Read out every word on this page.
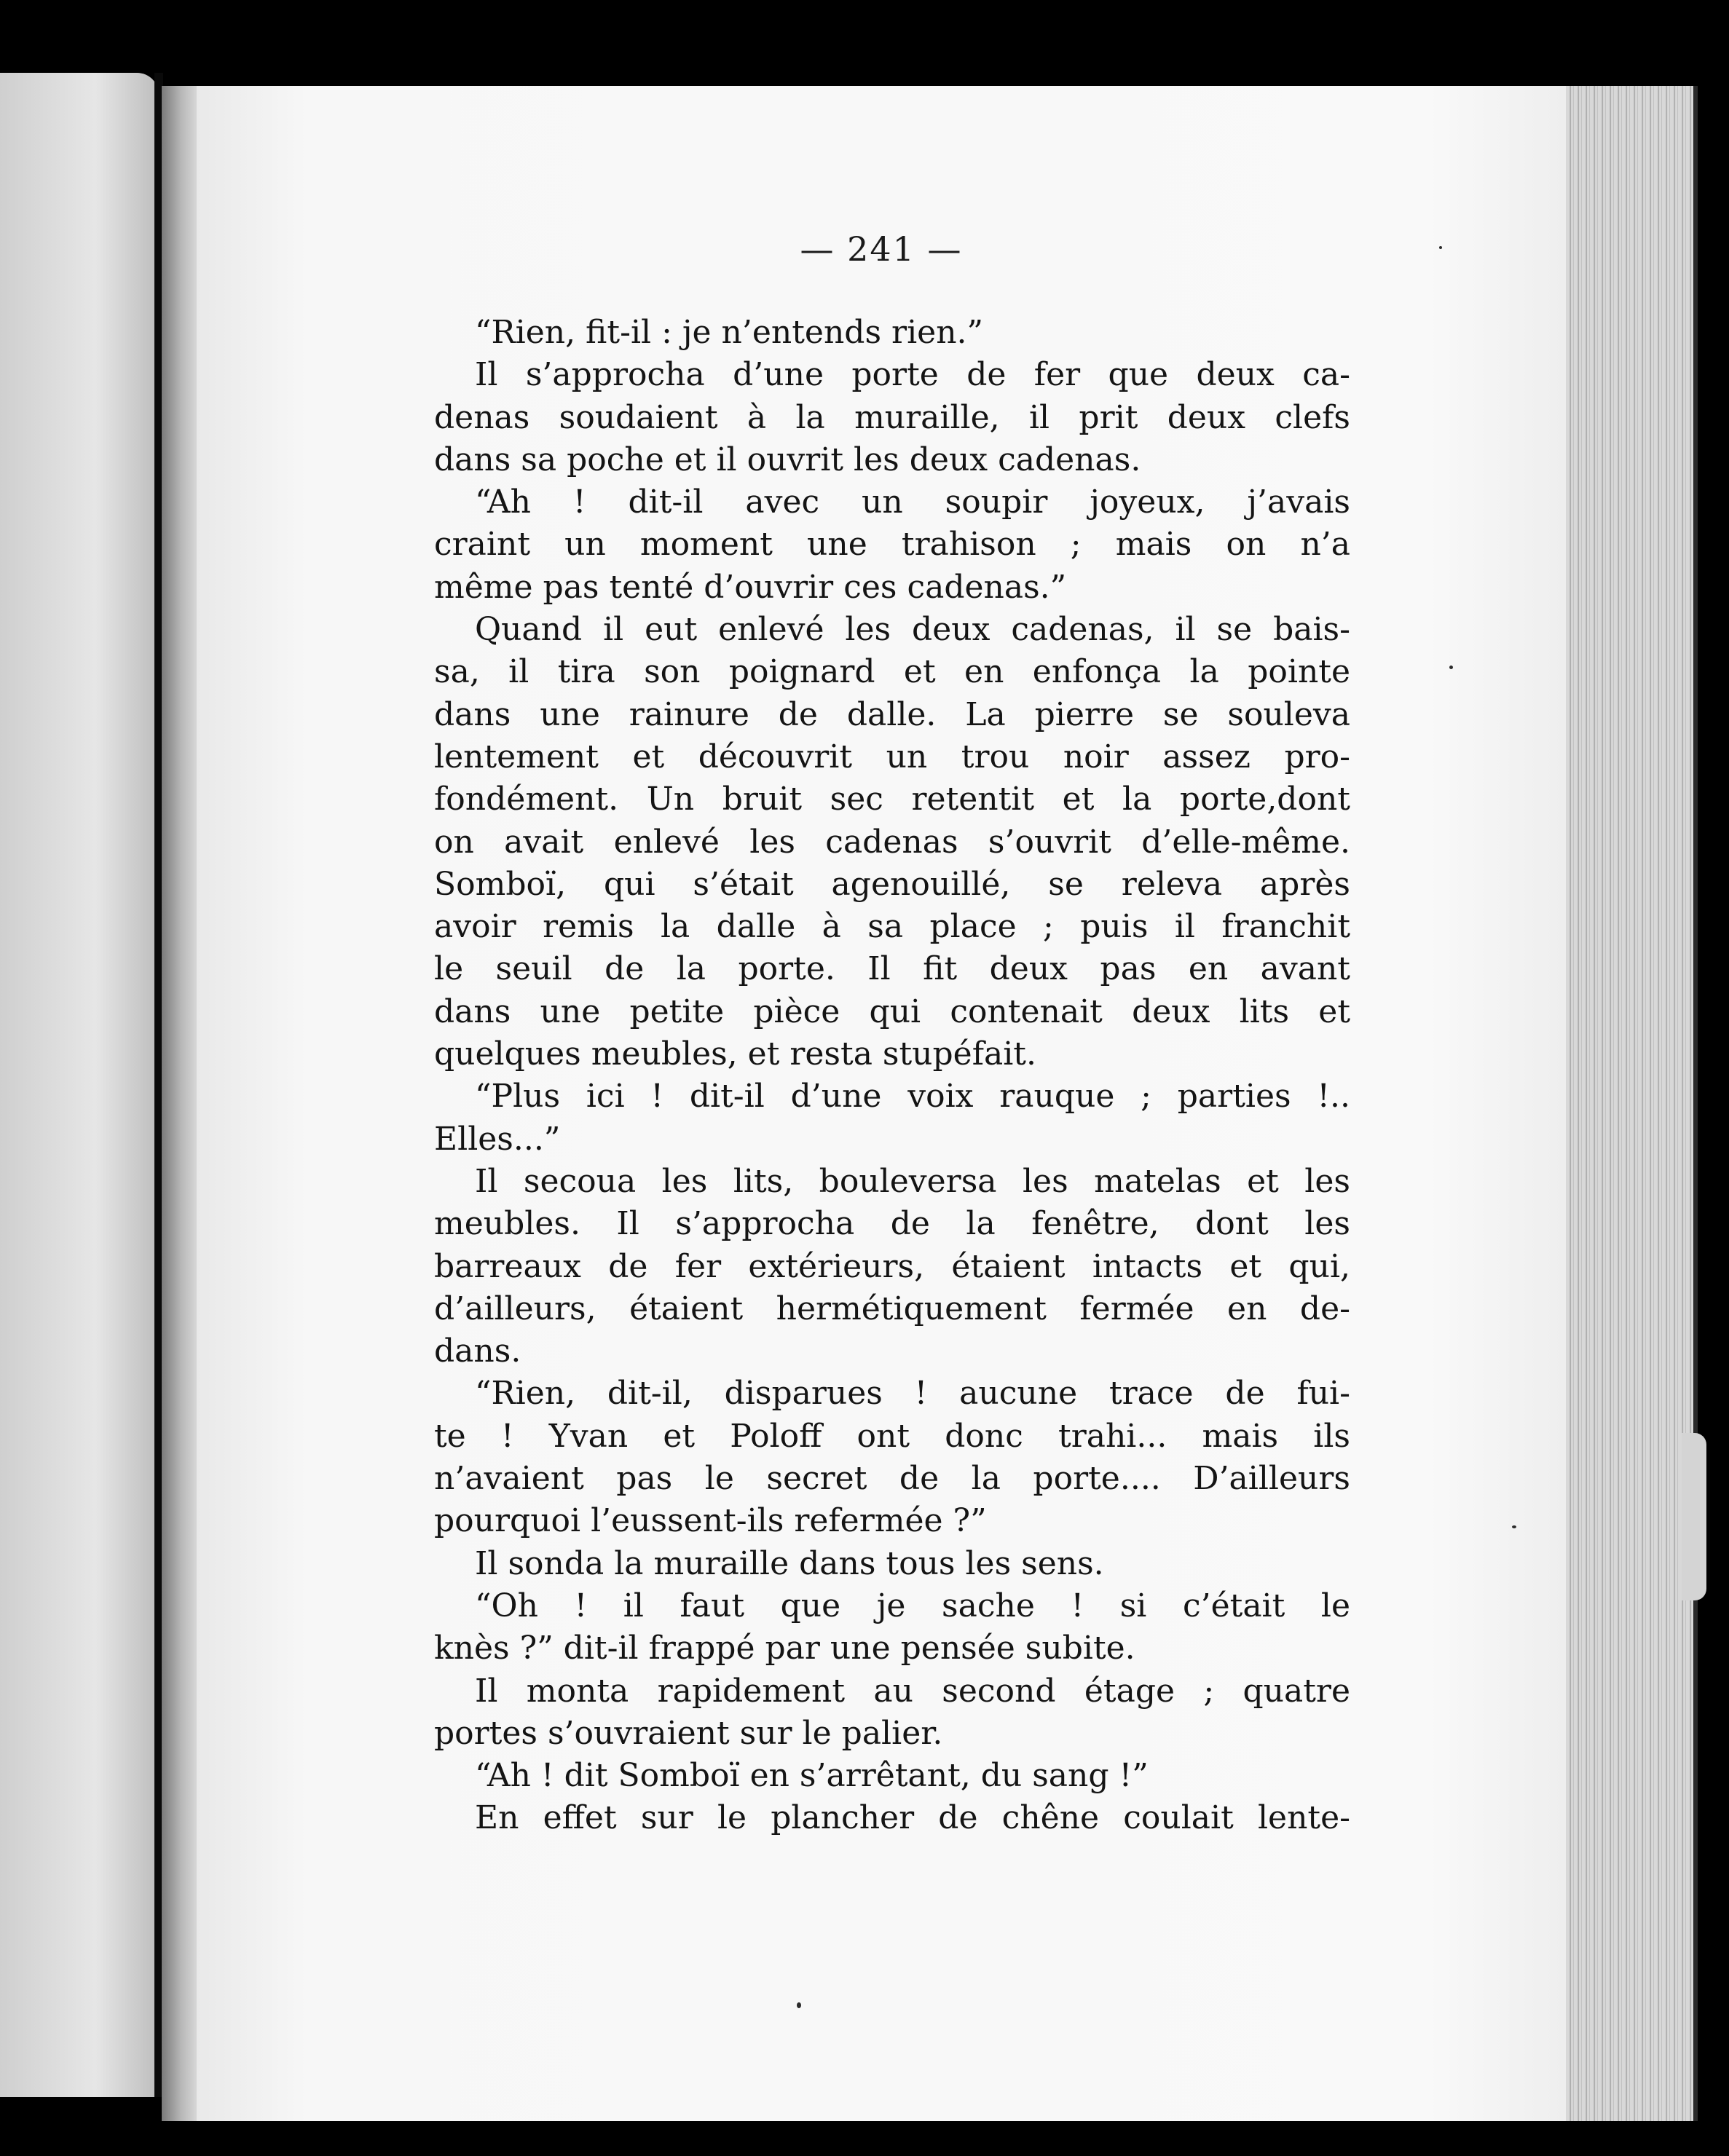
— 241 —

“Rien, fit-il : je n’entends rien.”
Il s’approcha d’une porte de fer que deux ca-
denas soudaient à la muraille, il prit deux clefs
dans sa poche et il ouvrit les deux cadenas.
“Ah ! dit-il avec un soupir joyeux, j’avais
craint un moment une trahison ; mais on n’a
même pas tenté d’ouvrir ces cadenas.”
Quand il eut enlevé les deux cadenas, il se bais-
sa, il tira son poignard et en enfonça la pointe
dans une rainure de dalle. La pierre se souleva
lentement et découvrit un trou noir assez pro-
fondément. Un bruit sec retentit et la porte,dont
on avait enlevé les cadenas s’ouvrit d’elle-même.
Somboï, qui s’était agenouillé, se releva après
avoir remis la dalle à sa place ; puis il franchit
le seuil de la porte. Il fit deux pas en avant
dans une petite pièce qui contenait deux lits et
quelques meubles, et resta stupéfait.
“Plus ici ! dit-il d’une voix rauque ; parties !..
Elles...”
Il secoua les lits, bouleversa les matelas et les
meubles. Il s’approcha de la fenêtre, dont les
barreaux de fer extérieurs, étaient intacts et qui,
d’ailleurs, étaient hermétiquement fermée en de-
dans.
“Rien, dit-il, disparues ! aucune trace de fui-
te ! Yvan et Poloff ont donc trahi... mais ils
n’avaient pas le secret de la porte.... D’ailleurs
pourquoi l’eussent-ils refermée ?”
Il sonda la muraille dans tous les sens.
“Oh ! il faut que je sache ! si c’était le
knès ?” dit-il frappé par une pensée subite.
Il monta rapidement au second étage ; quatre
portes s’ouvraient sur le palier.
“Ah ! dit Somboï en s’arrêtant, du sang !”
En effet sur le plancher de chêne coulait lente-
